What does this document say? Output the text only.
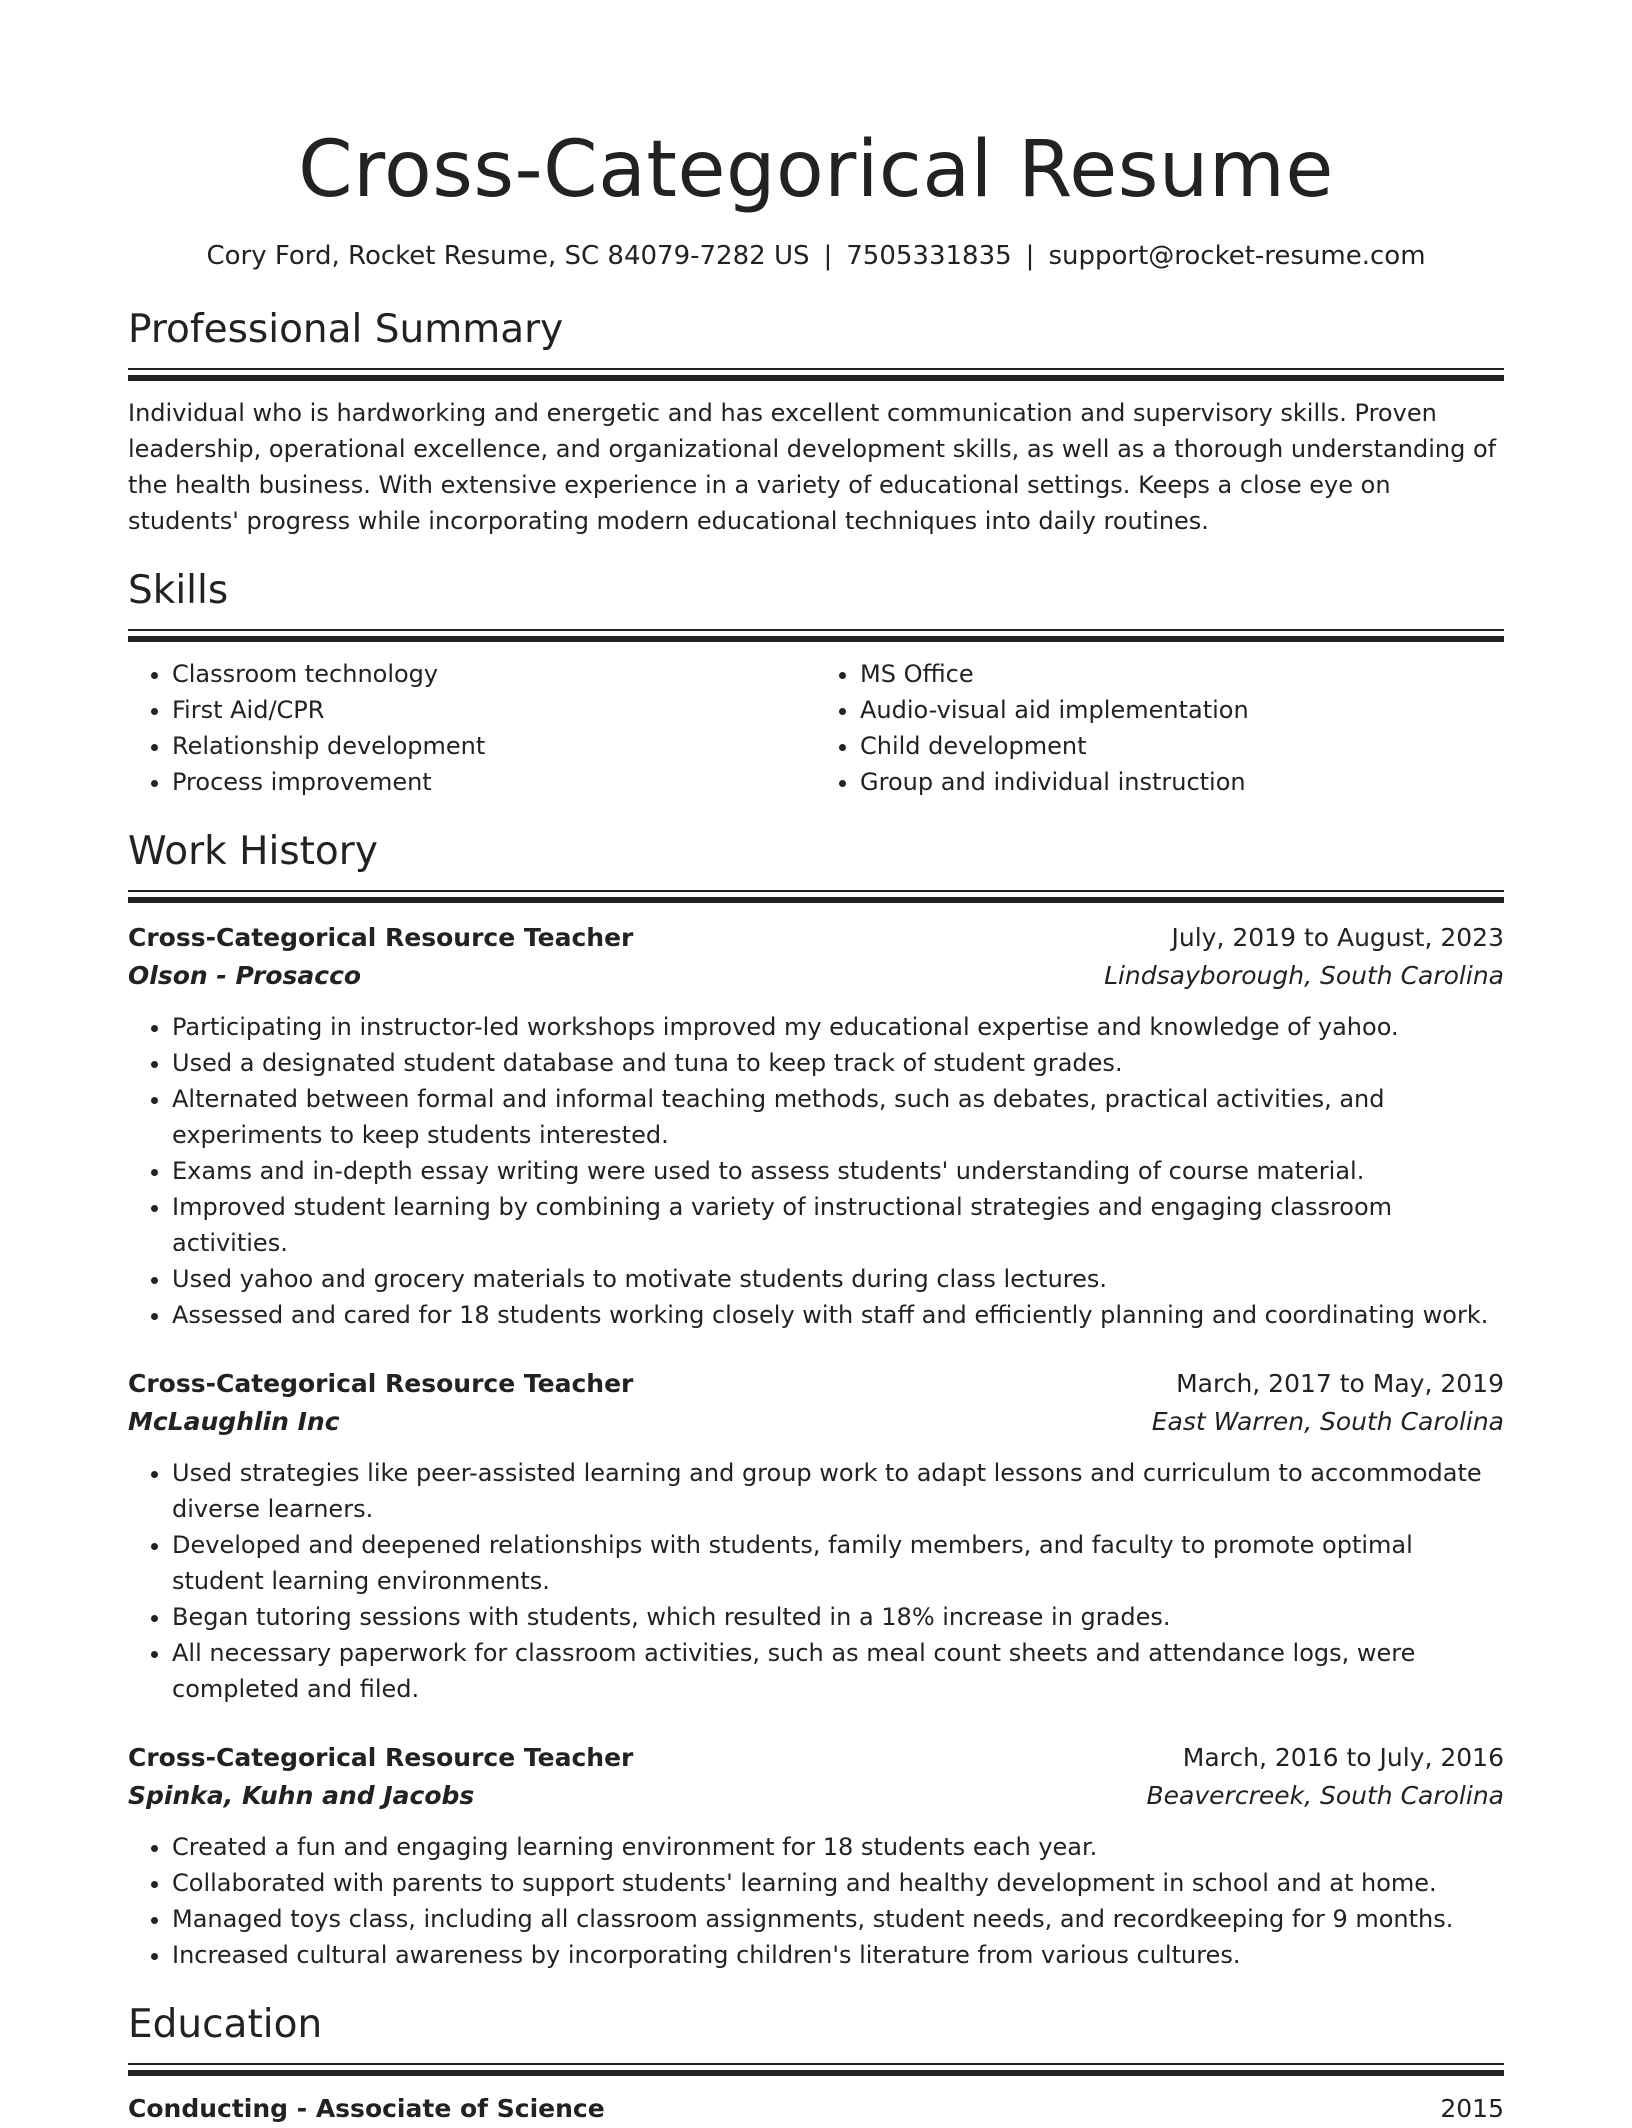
Cross-Categorical Resume
Cory Ford, Rocket Resume, SC 84079-7282 US | 7505331835 | support@rocket-resume.com
Professional Summary

Individual who is hardworking and energetic and has excellent communication and supervisory skills. Proven leadership, operational excellence, and organizational development skills, as well as a thorough understanding of the health business. With extensive experience in a variety of educational settings. Keeps a close eye on students' progress while incorporating modern educational techniques into daily routines.

Skills
• Classroom technology
• First Aid/CPR
• Relationship development
• Process improvement
• MS Office
• Audio-visual aid implementation
• Child development
• Group and individual instruction
Work History
Cross-Categorical Resource Teacher	July, 2019 to August, 2023
Olson - Prosacco	Lindsayborough, South Carolina
• Participating in instructor-led workshops improved my educational expertise and knowledge of yahoo.
• Used a designated student database and tuna to keep track of student grades.
• Alternated between formal and informal teaching methods, such as debates, practical activities, and experiments to keep students interested.
• Exams and in-depth essay writing were used to assess students' understanding of course material.
• Improved student learning by combining a variety of instructional strategies and engaging classroom activities.
• Used yahoo and grocery materials to motivate students during class lectures.
• Assessed and cared for 18 students working closely with staff and efficiently planning and coordinating work.
Cross-Categorical Resource Teacher	March, 2017 to May, 2019
McLaughlin Inc	East Warren, South Carolina
• Used strategies like peer-assisted learning and group work to adapt lessons and curriculum to accommodate diverse learners.
• Developed and deepened relationships with students, family members, and faculty to promote optimal student learning environments.
• Began tutoring sessions with students, which resulted in a 18% increase in grades.
• All necessary paperwork for classroom activities, such as meal count sheets and attendance logs, were completed and filed.
Cross-Categorical Resource Teacher	March, 2016 to July, 2016
Spinka, Kuhn and Jacobs	Beavercreek, South Carolina
• Created a fun and engaging learning environment for 18 students each year.
• Collaborated with parents to support students' learning and healthy development in school and at home.
• Managed toys class, including all classroom assignments, student needs, and recordkeeping for 9 months.
• Increased cultural awareness by incorporating children's literature from various cultures.
Education
Conducting - Associate of Science	2015
